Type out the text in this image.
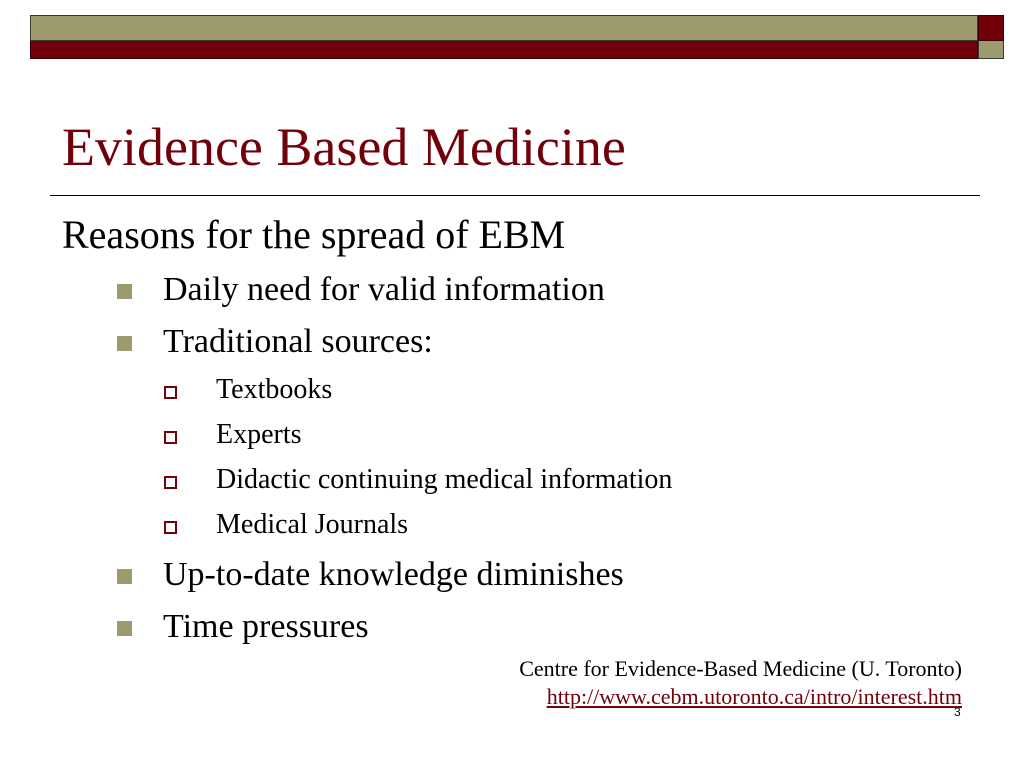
Evidence Based Medicine
Reasons for the spread of EBM
Daily need for valid information
Traditional sources:
Textbooks
Experts
Didactic continuing medical information
Medical Journals
Up-to-date knowledge diminishes
Time pressures
Centre for Evidence-Based Medicine (U. Toronto)
http://www.cebm.utoronto.ca/intro/interest.htm
3
